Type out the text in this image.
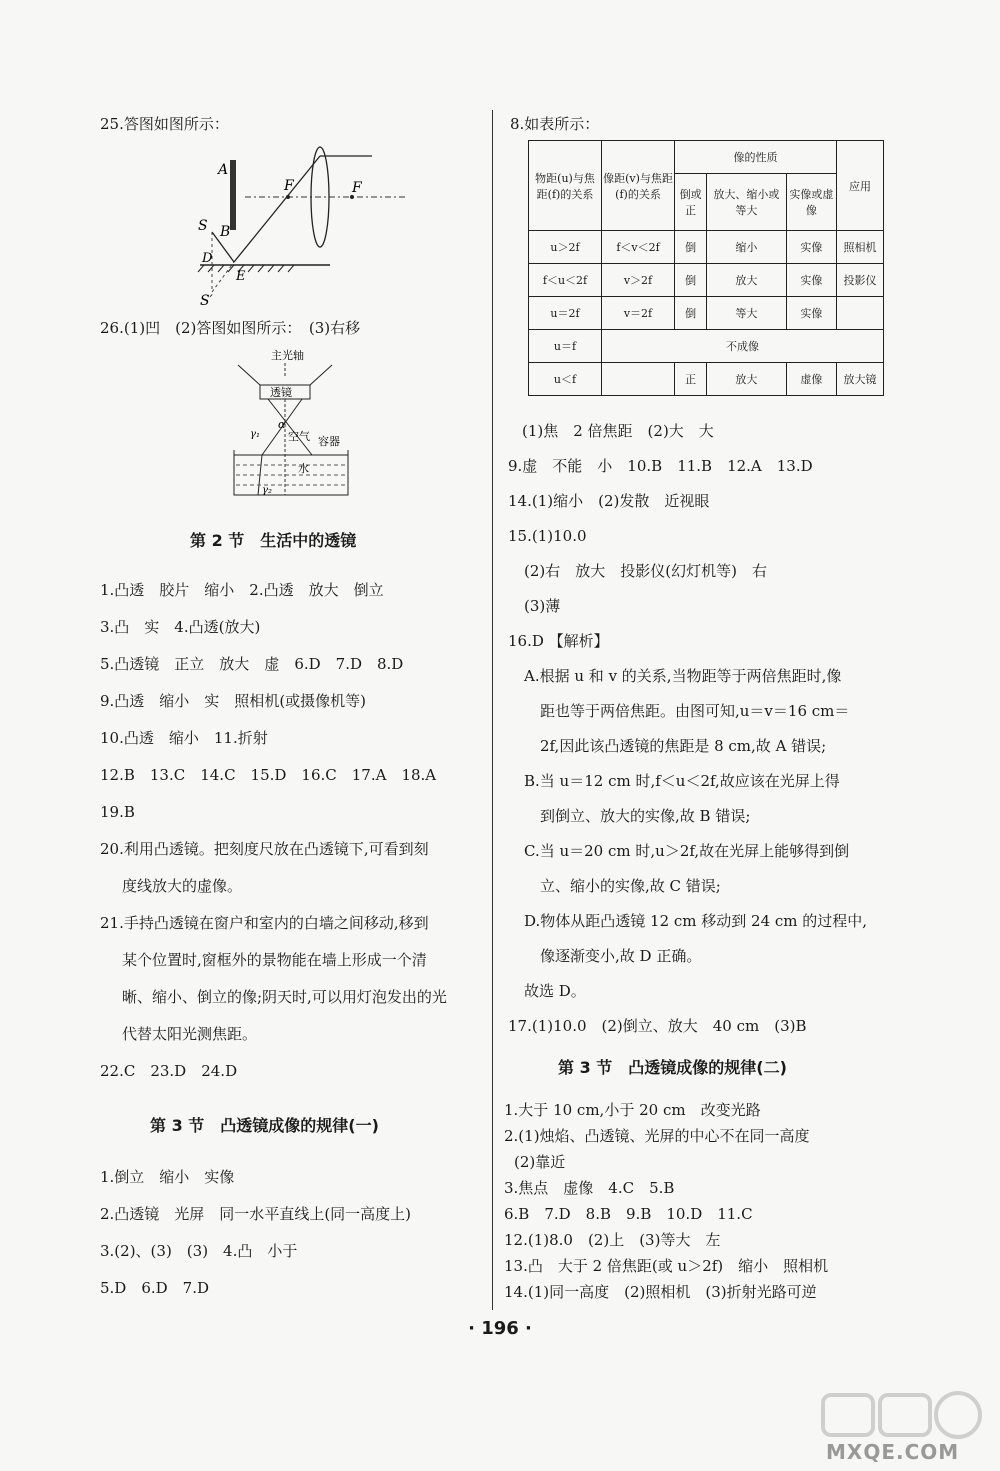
25.答图如图所示：
A
F	F
S B
D
E
S′
26.(1)凹　(2)答图如图所示：　(3)右移
主光轴
透镜
α
γ₁	空气 容器
水
γ₂
第 2 节　生活中的透镜
1.凸透　胶片　缩小　2.凸透　放大　倒立
3.凸　实　4.凸透(放大)
5.凸透镜　正立　放大　虚　6.D　7.D　8.D
9.凸透　缩小　实　照相机(或摄像机等)
10.凸透　缩小　11.折射
12.B　13.C　14.C　15.D　16.C　17.A　18.A
19.B
20.利用凸透镜。把刻度尺放在凸透镜下,可看到刻
度线放大的虚像。
21.手持凸透镜在窗户和室内的白墙之间移动,移到
某个位置时,窗框外的景物能在墙上形成一个清
晰、缩小、倒立的像;阴天时,可以用灯泡发出的光
代替太阳光测焦距。
22.C　23.D　24.D
第 3 节　凸透镜成像的规律(一)
1.倒立　缩小　实像
2.凸透镜　光屏　同一水平直线上(同一高度上)
3.(2)、(3)　(3)　4.凸　小于
5.D　6.D　7.D
8.如表所示：
物距(u)与焦距(f)的关系	像距(v)与焦距(f)的关系	像的性质			应用
		倒或正	放大、缩小或等大	实像或虚像	
u＞2f	f＜v＜2f	倒	缩小	实像	照相机
f＜u＜2f	v＞2f	倒	放大	实像	投影仪
u＝2f	v＝2f	倒	等大	实像	
u＝f	不成像				
u＜f		正	放大	虚像	放大镜
(1)焦　2 倍焦距　(2)大　大
9.虚　不能　小　10.B　11.B　12.A　13.D
14.(1)缩小　(2)发散　近视眼
15.(1)10.0
(2)右　放大　投影仪(幻灯机等)　右
(3)薄
16.D 【解析】
A.根据 u 和 v 的关系,当物距等于两倍焦距时,像
距也等于两倍焦距。由图可知,u＝v＝16 cm＝
2f,因此该凸透镜的焦距是 8 cm,故 A 错误;
B.当 u＝12 cm 时,f＜u＜2f,故应该在光屏上得
到倒立、放大的实像,故 B 错误;
C.当 u＝20 cm 时,u＞2f,故在光屏上能够得到倒
立、缩小的实像,故 C 错误;
D.物体从距凸透镜 12 cm 移动到 24 cm 的过程中,
像逐渐变小,故 D 正确。
故选 D。
17.(1)10.0　(2)倒立、放大　40 cm　(3)B
第 3 节　凸透镜成像的规律(二)
1.大于 10 cm,小于 20 cm　改变光路
2.(1)烛焰、凸透镜、光屏的中心不在同一高度
(2)靠近
3.焦点　虚像　4.C　5.B
6.B　7.D　8.B　9.B　10.D　11.C
12.(1)8.0　(2)上　(3)等大　左
13.凸　大于 2 倍焦距(或 u＞2f)　缩小　照相机
14.(1)同一高度　(2)照相机　(3)折射光路可逆
· 196 ·
MXQE.COM
